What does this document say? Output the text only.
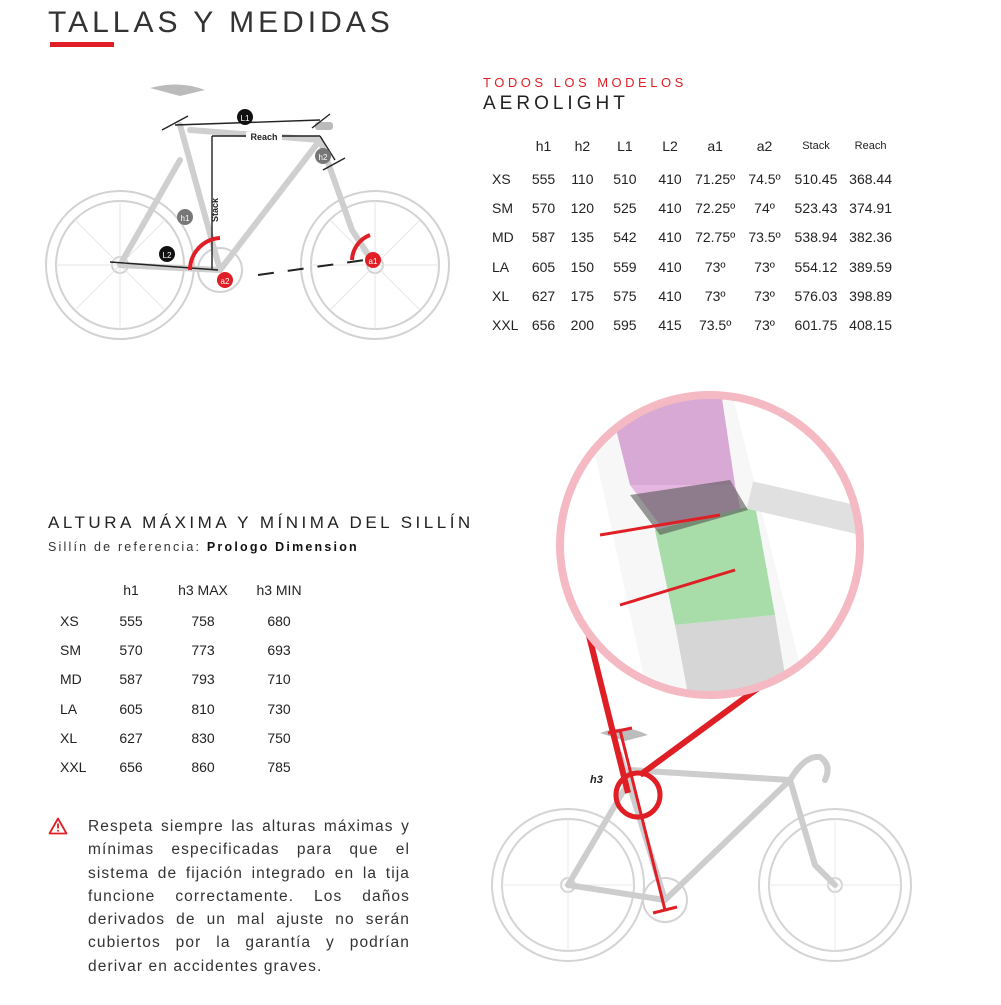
TALLAS Y MEDIDAS
L1
Reach
Stack
h2
h1
L2
a2
a1
TODOS LOS MODELOS
AEROLIGHT
	h1	h2	L1	L2	a1	a2	Stack	Reach
XS	555	110	510	410	71.25º	74.5º	510.45	368.44
SM	570	120	525	410	72.25º	74º	523.43	374.91
MD	587	135	542	410	72.75º	73.5º	538.94	382.36
LA	605	150	559	410	73º	73º	554.12	389.59
XL	627	175	575	410	73º	73º	576.03	398.89
XXL	656	200	595	415	73.5º	73º	601.75	408.15
ALTURA MÁXIMA Y MÍNIMA DEL SILLÍN
Sillín de referencia: Prologo Dimension
	h1	h3 MAX	h3 MIN
XS	555	758	680
SM	570	773	693
MD	587	793	710
LA	605	810	730
XL	627	830	750
XXL	656	860	785
Respeta siempre las alturas máximas y mínimas especificadas para que el sistema de fijación integrado en la tija funcione correctamente. Los daños derivados de un mal ajuste no serán cubiertos por la garantía y podrían derivar en accidentes graves.
h3
